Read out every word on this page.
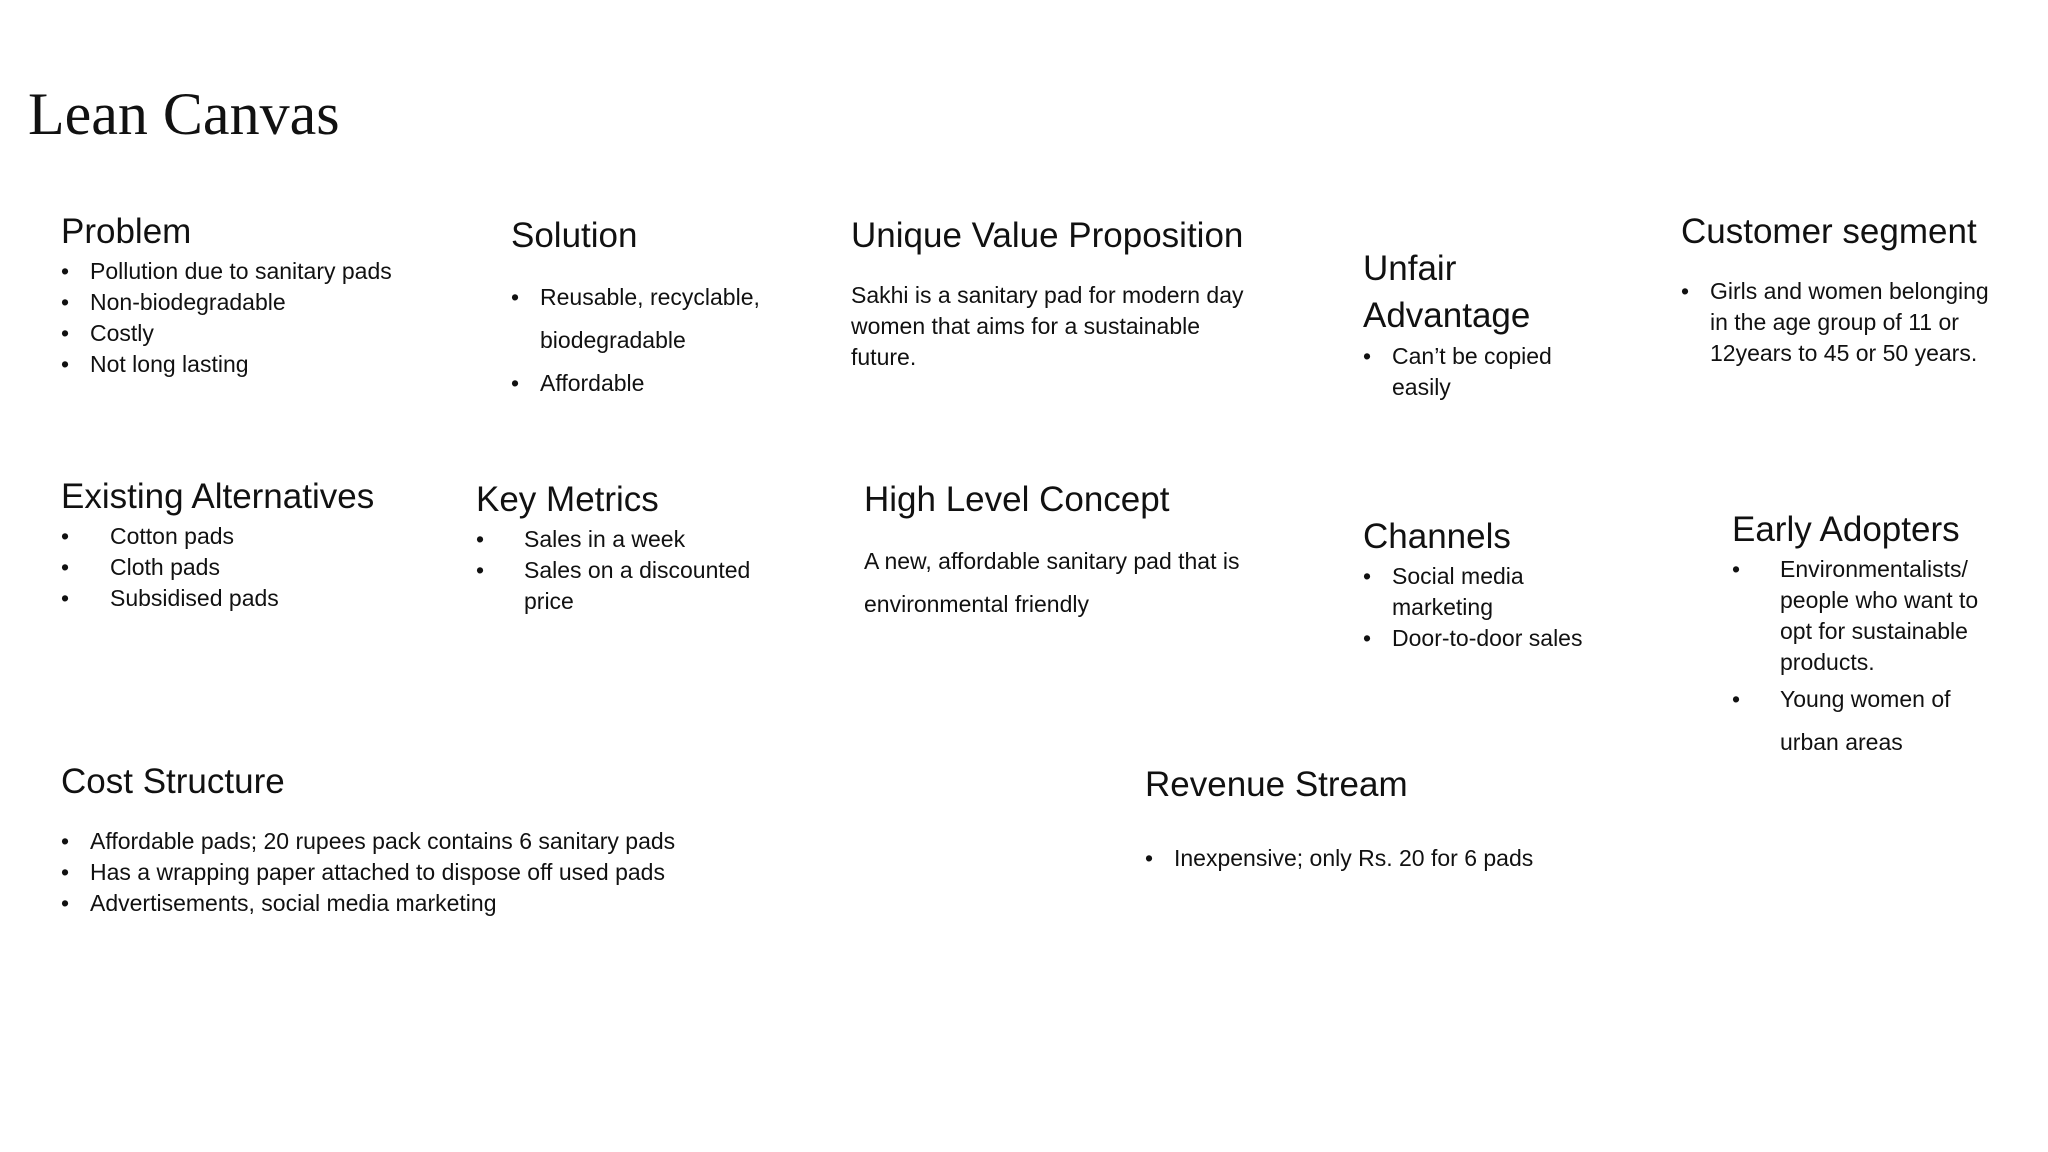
Lean Canvas
Problem
• Pollution due to sanitary pads
• Non-biodegradable
• Costly
• Not long lasting
Solution
• Reusable, recyclable, biodegradable
• Affordable
Unique Value Proposition

Sakhi is a sanitary pad for modern day women that aims for a sustainable future.

Unfair Advantage
• Can’t be copied easily
Customer segment
• Girls and women belonging in the age group of 11 or 12years to 45 or 50 years.
Existing Alternatives
• Cotton pads
• Cloth pads
• Subsidised pads
Key Metrics
• Sales in a week
• Sales on a discounted price
High Level Concept

A new, affordable sanitary pad that is environmental friendly

Channels
• Social media marketing
• Door-to-door sales
Early Adopters
• Environmentalists/ people who want to opt for sustainable products.
• Young women of urban areas
Cost Structure
• Affordable pads; 20 rupees pack contains 6 sanitary pads
• Has a wrapping paper attached to dispose off used pads
• Advertisements, social media marketing
Revenue Stream
• Inexpensive; only Rs. 20 for 6 pads
